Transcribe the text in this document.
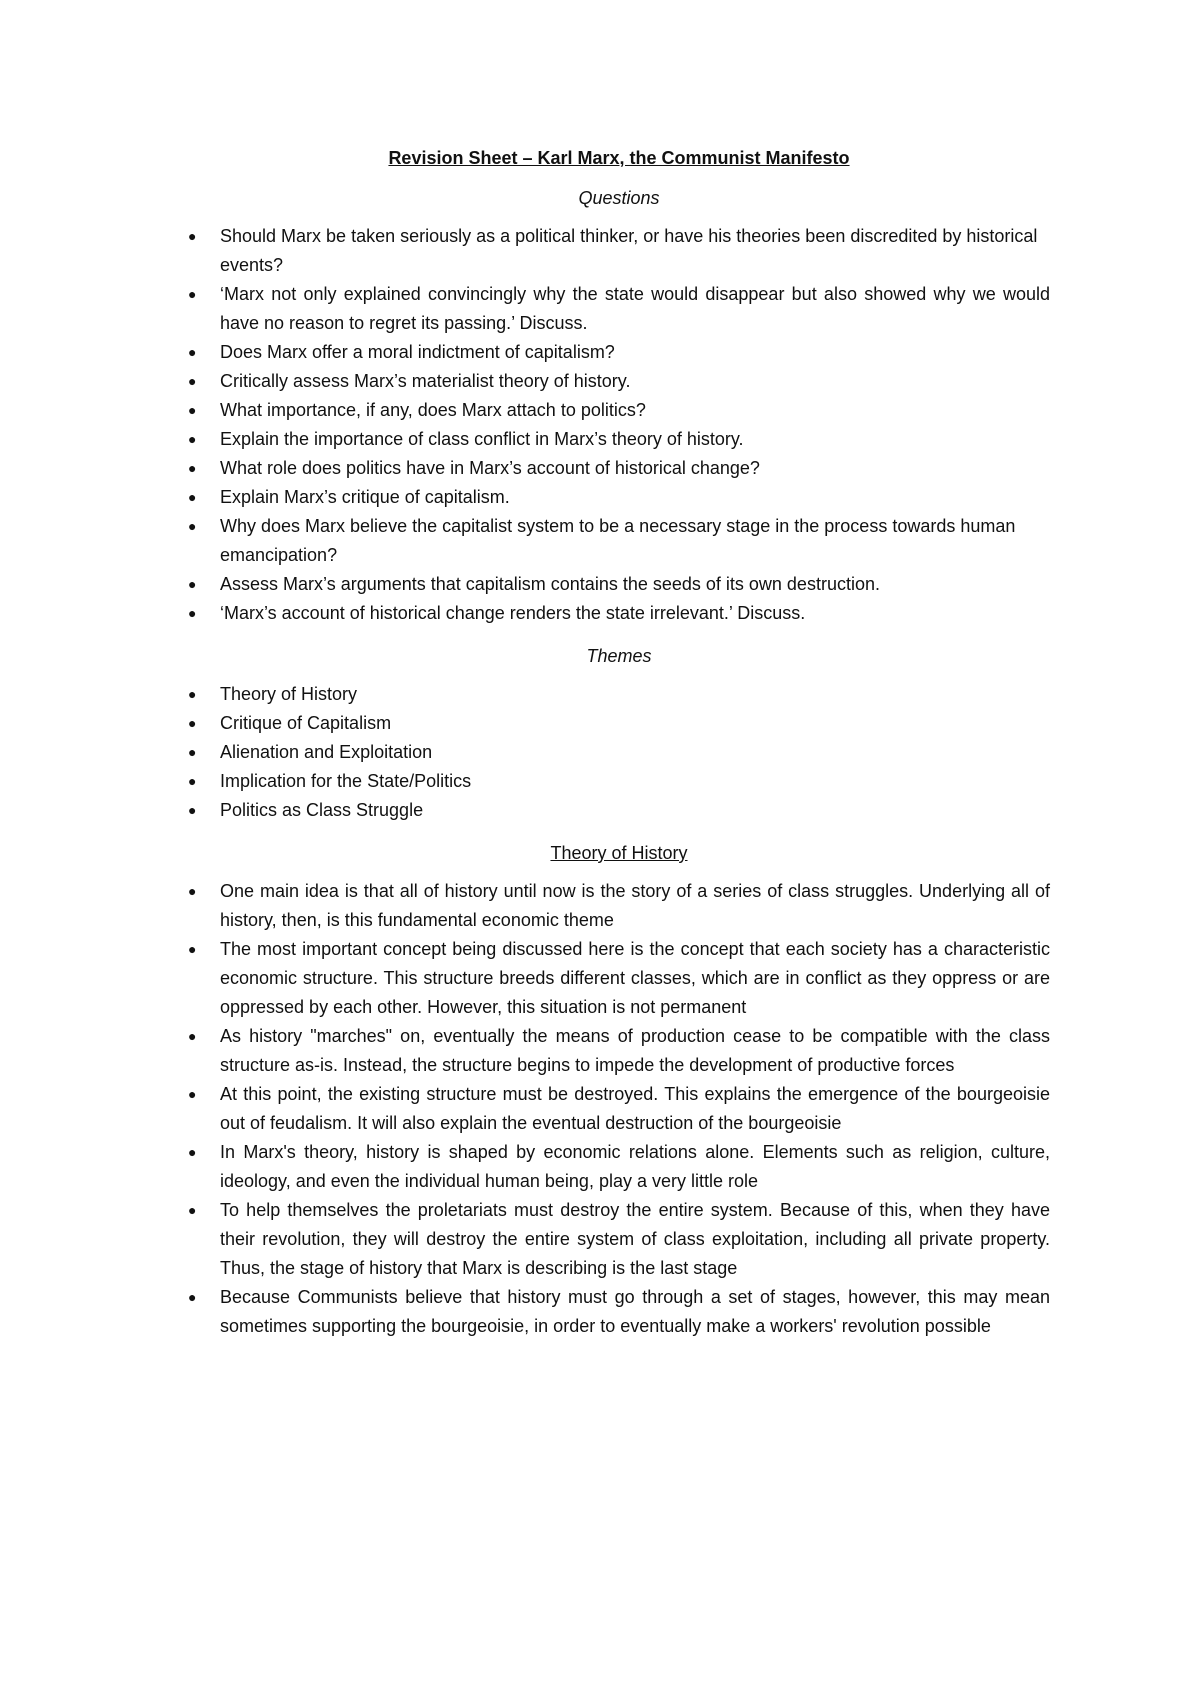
Revision Sheet – Karl Marx, the Communist Manifesto
Questions
●	Should Marx be taken seriously as a political thinker, or have his theories been discredited by historical events?
●	‘Marx not only explained convincingly why the state would disappear but also showed why we would have no reason to regret its passing.’ Discuss.
●	Does Marx offer a moral indictment of capitalism?
●	Critically assess Marx’s materialist theory of history.
●	What importance, if any, does Marx attach to politics?
●	Explain the importance of class conflict in Marx’s theory of history.
●	What role does politics have in Marx’s account of historical change?
●	Explain Marx’s critique of capitalism.
●	Why does Marx believe the capitalist system to be a necessary stage in the process towards human emancipation?
●	Assess Marx’s arguments that capitalism contains the seeds of its own destruction.
●	‘Marx’s account of historical change renders the state irrelevant.’ Discuss.
Themes
●	Theory of History
●	Critique of Capitalism
●	Alienation and Exploitation
●	Implication for the State/Politics
●	Politics as Class Struggle
Theory of History
●	One main idea is that all of history until now is the story of a series of class struggles. Underlying all of history, then, is this fundamental economic theme
●	The most important concept being discussed here is the concept that each society has a characteristic economic structure. This structure breeds different classes, which are in conflict as they oppress or are oppressed by each other. However, this situation is not permanent
●	As history "marches" on, eventually the means of production cease to be compatible with the class structure as-is. Instead, the structure begins to impede the development of productive forces
●	At this point, the existing structure must be destroyed. This explains the emergence of the bourgeoisie out of feudalism. It will also explain the eventual destruction of the bourgeoisie
●	In Marx's theory, history is shaped by economic relations alone. Elements such as religion, culture, ideology, and even the individual human being, play a very little role
●	To help themselves the proletariats must destroy the entire system. Because of this, when they have their revolution, they will destroy the entire system of class exploitation, including all private property. Thus, the stage of history that Marx is describing is the last stage
●	Because Communists believe that history must go through a set of stages, however, this may mean sometimes supporting the bourgeoisie, in order to eventually make a workers' revolution possible
